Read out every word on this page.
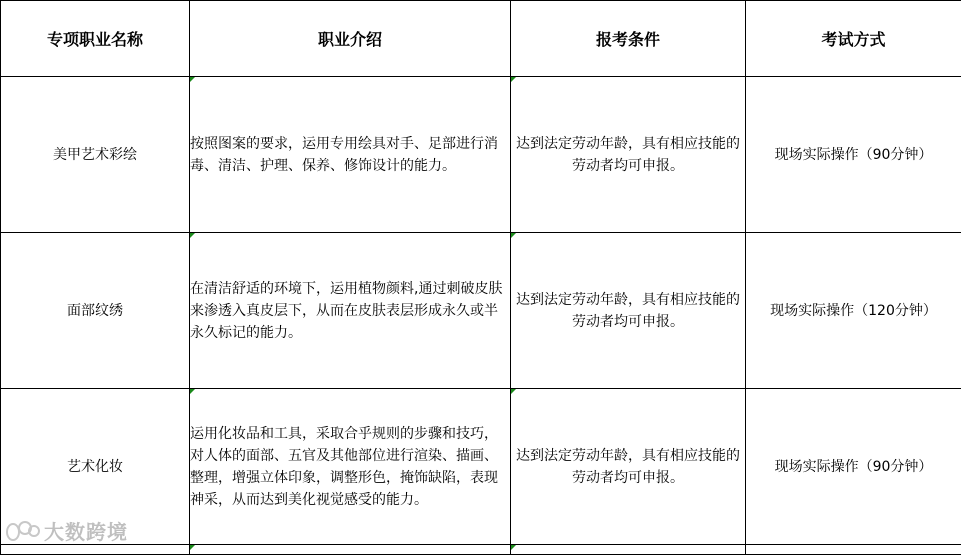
专项职业名称	职业介绍	报考条件	考试方式
美甲艺术彩绘	按照图案的要求，运用专用绘具对手、足部进行消毒、清洁、护理、保养、修饰设计的能力。	达到法定劳动年龄，具有相应技能的劳动者均可申报。	现场实际操作（90分钟）
面部纹绣	在清洁舒适的环境下，运用植物颜料,通过刺破皮肤来渗透入真皮层下，从而在皮肤表层形成永久或半永久标记的能力。	达到法定劳动年龄，具有相应技能的劳动者均可申报。	现场实际操作（120分钟）
艺术化妆	运用化妆品和工具，采取合乎规则的步骤和技巧，对人体的面部、五官及其他部位进行渲染、描画、整理，增强立体印象，调整形色，掩饰缺陷，表现神采，从而达到美化视觉感受的能力。	达到法定劳动年龄，具有相应技能的劳动者均可申报。	现场实际操作（90分钟）

大数跨境
